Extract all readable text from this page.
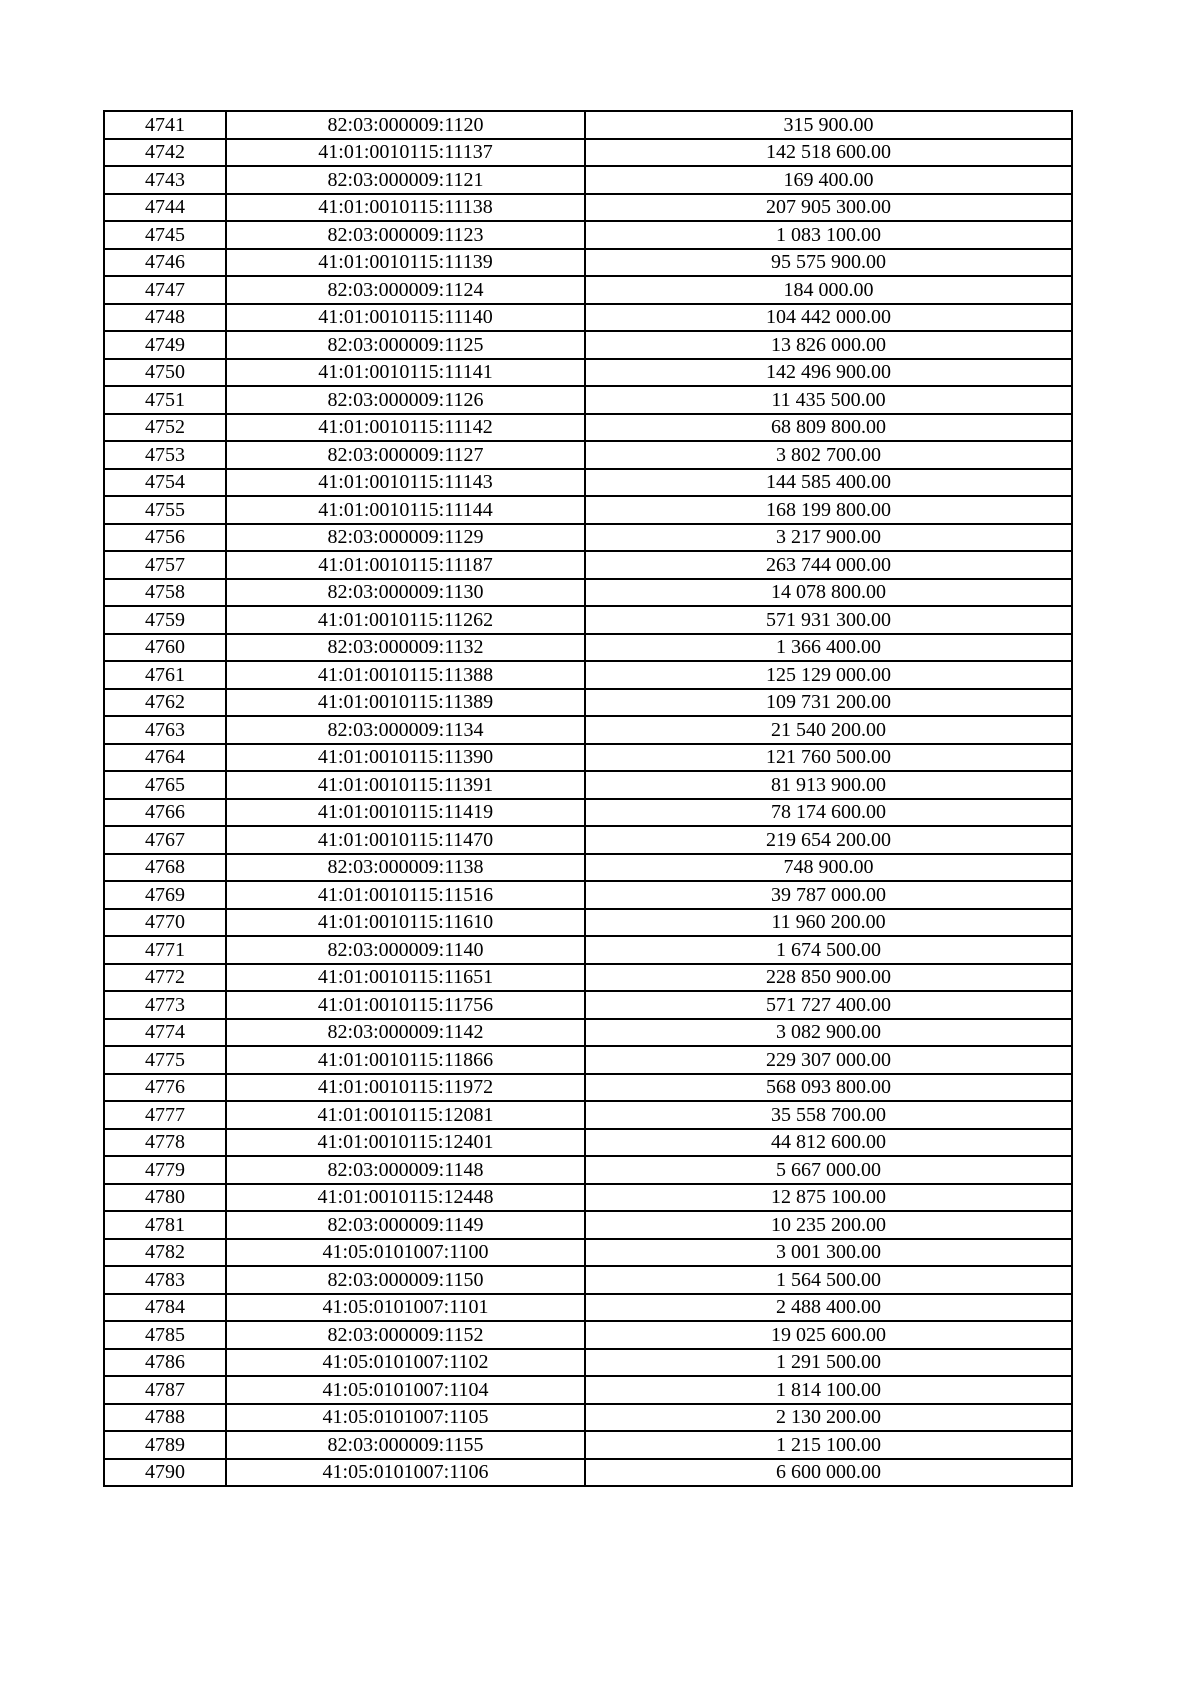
4741	82:03:000009:1120	315 900.00
4742	41:01:0010115:11137	142 518 600.00
4743	82:03:000009:1121	169 400.00
4744	41:01:0010115:11138	207 905 300.00
4745	82:03:000009:1123	1 083 100.00
4746	41:01:0010115:11139	95 575 900.00
4747	82:03:000009:1124	184 000.00
4748	41:01:0010115:11140	104 442 000.00
4749	82:03:000009:1125	13 826 000.00
4750	41:01:0010115:11141	142 496 900.00
4751	82:03:000009:1126	11 435 500.00
4752	41:01:0010115:11142	68 809 800.00
4753	82:03:000009:1127	3 802 700.00
4754	41:01:0010115:11143	144 585 400.00
4755	41:01:0010115:11144	168 199 800.00
4756	82:03:000009:1129	3 217 900.00
4757	41:01:0010115:11187	263 744 000.00
4758	82:03:000009:1130	14 078 800.00
4759	41:01:0010115:11262	571 931 300.00
4760	82:03:000009:1132	1 366 400.00
4761	41:01:0010115:11388	125 129 000.00
4762	41:01:0010115:11389	109 731 200.00
4763	82:03:000009:1134	21 540 200.00
4764	41:01:0010115:11390	121 760 500.00
4765	41:01:0010115:11391	81 913 900.00
4766	41:01:0010115:11419	78 174 600.00
4767	41:01:0010115:11470	219 654 200.00
4768	82:03:000009:1138	748 900.00
4769	41:01:0010115:11516	39 787 000.00
4770	41:01:0010115:11610	11 960 200.00
4771	82:03:000009:1140	1 674 500.00
4772	41:01:0010115:11651	228 850 900.00
4773	41:01:0010115:11756	571 727 400.00
4774	82:03:000009:1142	3 082 900.00
4775	41:01:0010115:11866	229 307 000.00
4776	41:01:0010115:11972	568 093 800.00
4777	41:01:0010115:12081	35 558 700.00
4778	41:01:0010115:12401	44 812 600.00
4779	82:03:000009:1148	5 667 000.00
4780	41:01:0010115:12448	12 875 100.00
4781	82:03:000009:1149	10 235 200.00
4782	41:05:0101007:1100	3 001 300.00
4783	82:03:000009:1150	1 564 500.00
4784	41:05:0101007:1101	2 488 400.00
4785	82:03:000009:1152	19 025 600.00
4786	41:05:0101007:1102	1 291 500.00
4787	41:05:0101007:1104	1 814 100.00
4788	41:05:0101007:1105	2 130 200.00
4789	82:03:000009:1155	1 215 100.00
4790	41:05:0101007:1106	6 600 000.00
